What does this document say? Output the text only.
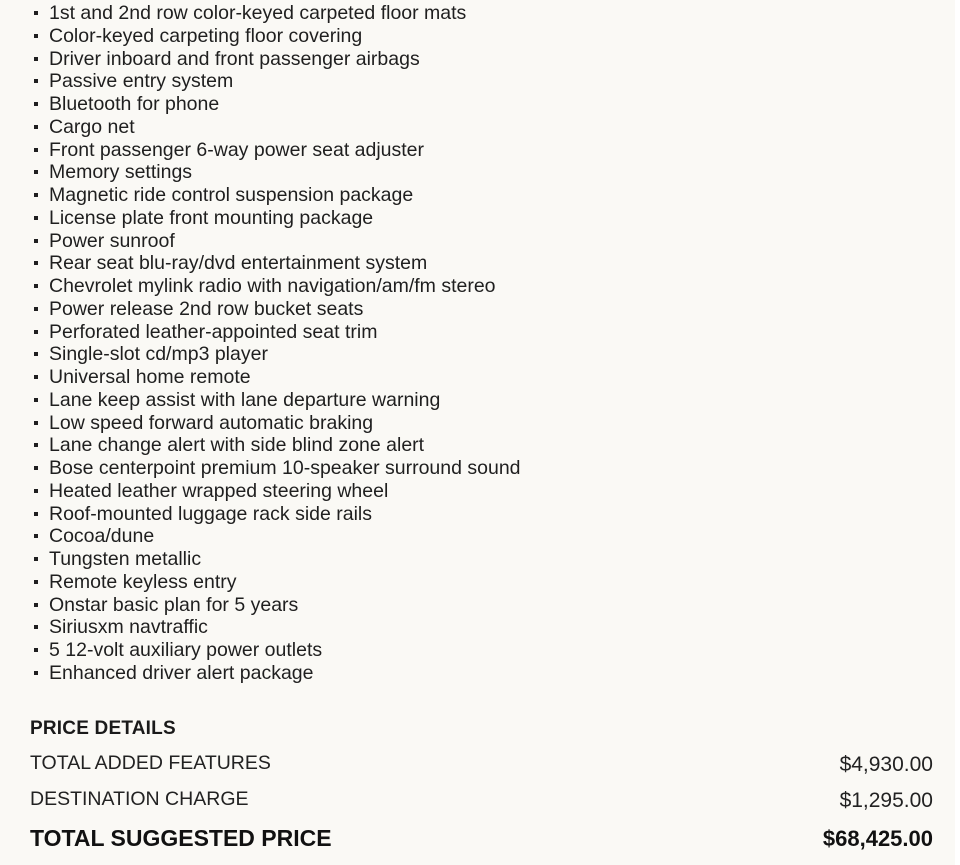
1st and 2nd row color-keyed carpeted floor mats
Color-keyed carpeting floor covering
Driver inboard and front passenger airbags
Passive entry system
Bluetooth for phone
Cargo net
Front passenger 6-way power seat adjuster
Memory settings
Magnetic ride control suspension package
License plate front mounting package
Power sunroof
Rear seat blu-ray/dvd entertainment system
Chevrolet mylink radio with navigation/am/fm stereo
Power release 2nd row bucket seats
Perforated leather-appointed seat trim
Single-slot cd/mp3 player
Universal home remote
Lane keep assist with lane departure warning
Low speed forward automatic braking
Lane change alert with side blind zone alert
Bose centerpoint premium 10-speaker surround sound
Heated leather wrapped steering wheel
Roof-mounted luggage rack side rails
Cocoa/dune
Tungsten metallic
Remote keyless entry
Onstar basic plan for 5 years
Siriusxm navtraffic
5 12-volt auxiliary power outlets
Enhanced driver alert package
PRICE DETAILS
TOTAL ADDED FEATURES	$4,930.00
DESTINATION CHARGE	$1,295.00
TOTAL SUGGESTED PRICE	$68,425.00
